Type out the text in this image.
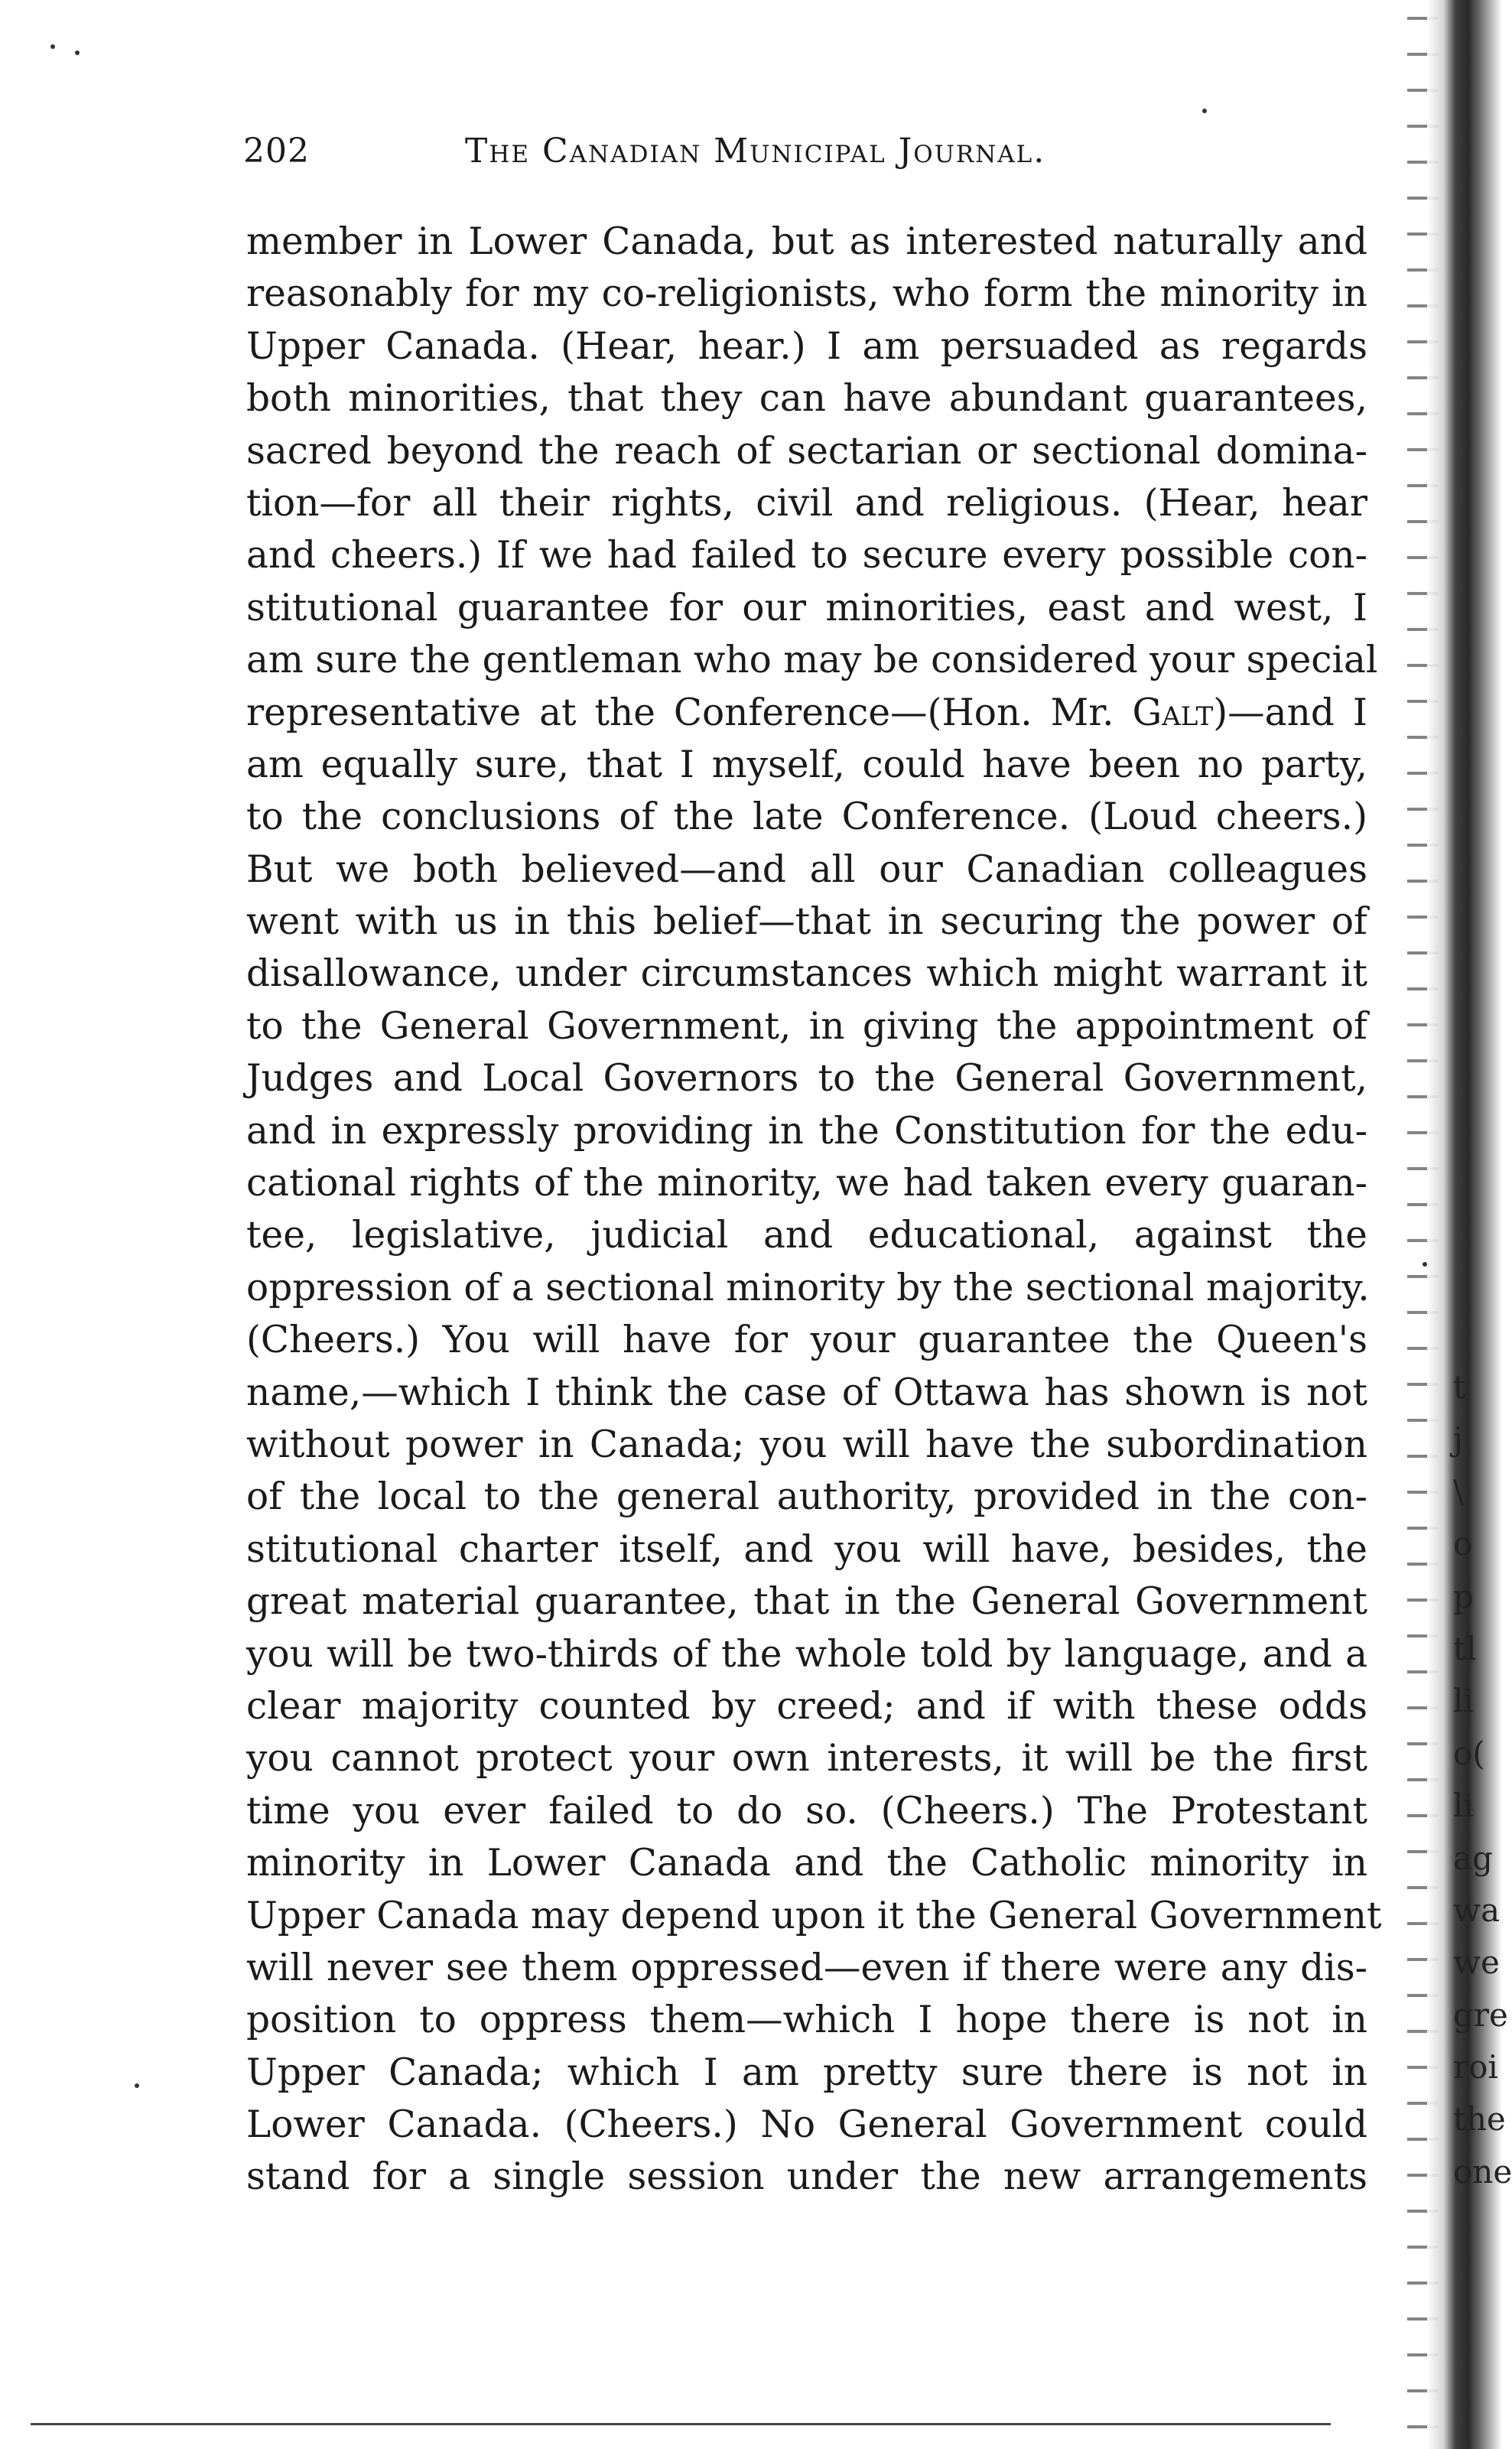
202	The Canadian Municipal Journal.
member in Lower Canada, but as interested naturally and
reasonably for my co-religionists, who form the minority in
Upper Canada. (Hear, hear.) I am persuaded as regards
both minorities, that they can have abundant guarantees,
sacred beyond the reach of sectarian or sectional domina-
tion—for all their rights, civil and religious. (Hear, hear
and cheers.) If we had failed to secure every possible con-
stitutional guarantee for our minorities, east and west, I
am sure the gentleman who may be considered your special
representative at the Conference—(Hon. Mr. Galt)—and I
am equally sure, that I myself, could have been no party,
to the conclusions of the late Conference. (Loud cheers.)
But we both believed—and all our Canadian colleagues
went with us in this belief—that in securing the power of
disallowance, under circumstances which might warrant it
to the General Government, in giving the appointment of
Judges and Local Governors to the General Government,
and in expressly providing in the Constitution for the edu-
cational rights of the minority, we had taken every guaran-
tee, legislative, judicial and educational, against the
oppression of a sectional minority by the sectional majority.
(Cheers.) You will have for your guarantee the Queen's
name,—which I think the case of Ottawa has shown is not
without power in Canada; you will have the subordination
of the local to the general authority, provided in the con-
stitutional charter itself, and you will have, besides, the
great material guarantee, that in the General Government
you will be two-thirds of the whole told by language, and a
clear majority counted by creed; and if with these odds
you cannot protect your own interests, it will be the first
time you ever failed to do so. (Cheers.) The Protestant
minority in Lower Canada and the Catholic minority in
Upper Canada may depend upon it the General Government
will never see them oppressed—even if there were any dis-
position to oppress them—which I hope there is not in
Upper Canada; which I am pretty sure there is not in
Lower Canada. (Cheers.) No General Government could
stand for a single session under the new arrangements
t
j
\
o
p
tl
li
o(
li
ag
wa
we
gre
roi
the
one
